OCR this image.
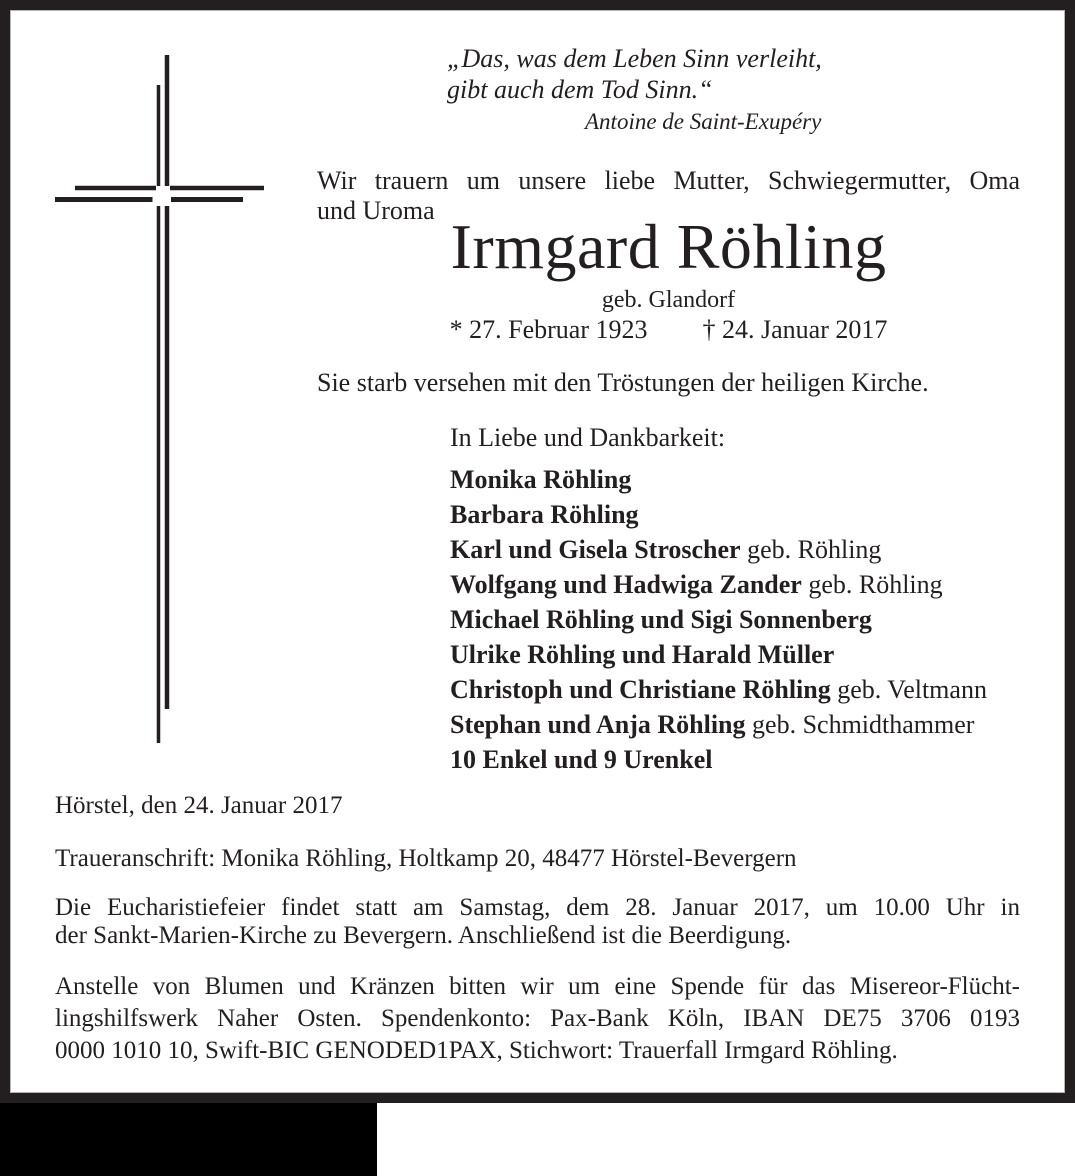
„Das, was dem Leben Sinn verleiht,
gibt auch dem Tod Sinn.“
Antoine de Saint-Exupéry
Wir trauern um unsere liebe Mutter, Schwiegermutter, Oma
und Uroma
Irmgard Röhling
geb. Glandorf
* 27. Februar 1923 † 24. Januar 2017
Sie starb versehen mit den Tröstungen der heiligen Kirche.
In Liebe und Dankbarkeit:
Monika Röhling
Barbara Röhling
Karl und Gisela Stroscher geb. Röhling
Wolfgang und Hadwiga Zander geb. Röhling
Michael Röhling und Sigi Sonnenberg
Ulrike Röhling und Harald Müller
Christoph und Christiane Röhling geb. Veltmann
Stephan und Anja Röhling geb. Schmidthammer
10 Enkel und 9 Urenkel
Hörstel, den 24. Januar 2017
Traueranschrift: Monika Röhling, Holtkamp 20, 48477 Hörstel-Bevergern
Die Eucharistiefeier findet statt am Samstag, dem 28. Januar 2017, um 10.00 Uhr in
der Sankt-Marien-Kirche zu Bevergern. Anschließend ist die Beerdigung.
Anstelle von Blumen und Kränzen bitten wir um eine Spende für das Misereor-Flücht-
lingshilfswerk Naher Osten. Spendenkonto: Pax-Bank Köln, IBAN DE75 3706 0193
0000 1010 10, Swift-BIC GENODED1PAX, Stichwort: Trauerfall Irmgard Röhling.
